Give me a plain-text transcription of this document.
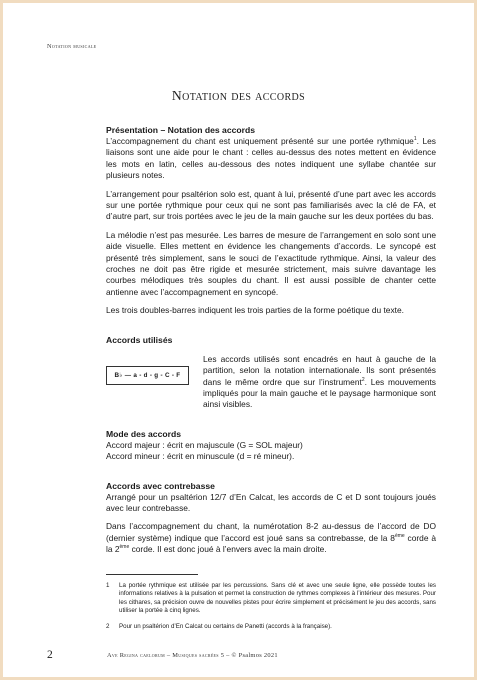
Notation musicale
Notation des accords
Présentation – Notation des accords

L’accompagnement du chant est uniquement présenté sur une portée rythmique$^1$. Les liaisons sont une aide pour le chant : celles au-dessus des notes mettent en évidence les mots en latin, celles au-dessous des notes indiquent une syllabe chantée sur plusieurs notes.

L’arrangement pour psaltérion solo est, quant à lui, présenté d’une part avec les accords sur une portée rythmique pour ceux qui ne sont pas familiarisés avec la clé de FA, et d’autre part, sur trois portées avec le jeu de la main gauche sur les deux portées du bas.

La mélodie n’est pas mesurée. Les barres de mesure de l’arrangement en solo sont une aide visuelle. Elles mettent en évidence les changements d’accords. Le syncopé est présenté très simplement, sans le souci de l’exactitude rythmique. Ainsi, la valeur des croches ne doit pas être rigide et mesurée strictement, mais suivre davantage les courbes mélodiques très souples du chant. Il est aussi possible de chanter cette antienne avec l’accompagnement en syncopé.

Les trois doubles-barres indiquent les trois parties de la forme poétique du texte.

Accords utilisés
B♭ — a - d - g - C - F

Les accords utilisés sont encadrés en haut à gauche de la partition, selon la notation internationale. Ils sont présentés dans le même ordre que sur l’instrument$^2$. Les mouvements impliqués pour la main gauche et le paysage harmonique sont ainsi visibles.

Mode des accords

Accord majeur : écrit en majuscule (G = SOL majeur)

Accord mineur : écrit en minuscule (d = ré mineur).

Accords avec contrebasse

Arrangé pour un psaltérion 12/7 d’En Calcat, les accords de C et D sont toujours joués avec leur contrebasse.

Dans l’accompagnement du chant, la numérotation 8-2 au-dessus de l’accord de DO (dernier système) indique que l’accord est joué sans sa contrebasse, de la 8ème corde à la 2ème corde. Il est donc joué à l’envers avec la main droite.

1	La portée rythmique est utilisée par les percussions. Sans clé et avec une seule ligne, elle possède toutes les informations relatives à la pulsation et permet la construction de rythmes complexes à l’intérieur des mesures. Pour les cithares, sa précision ouvre de nouvelles pistes pour écrire simplement et précisément le jeu des accords, sans utiliser la portée à cinq lignes.
2	Pour un psaltérion d’En Calcat ou certains de Panetti (accords à la française).
2	Ave Regina caelorum – Musiques sacrées 5 – © Psalmos 2021
